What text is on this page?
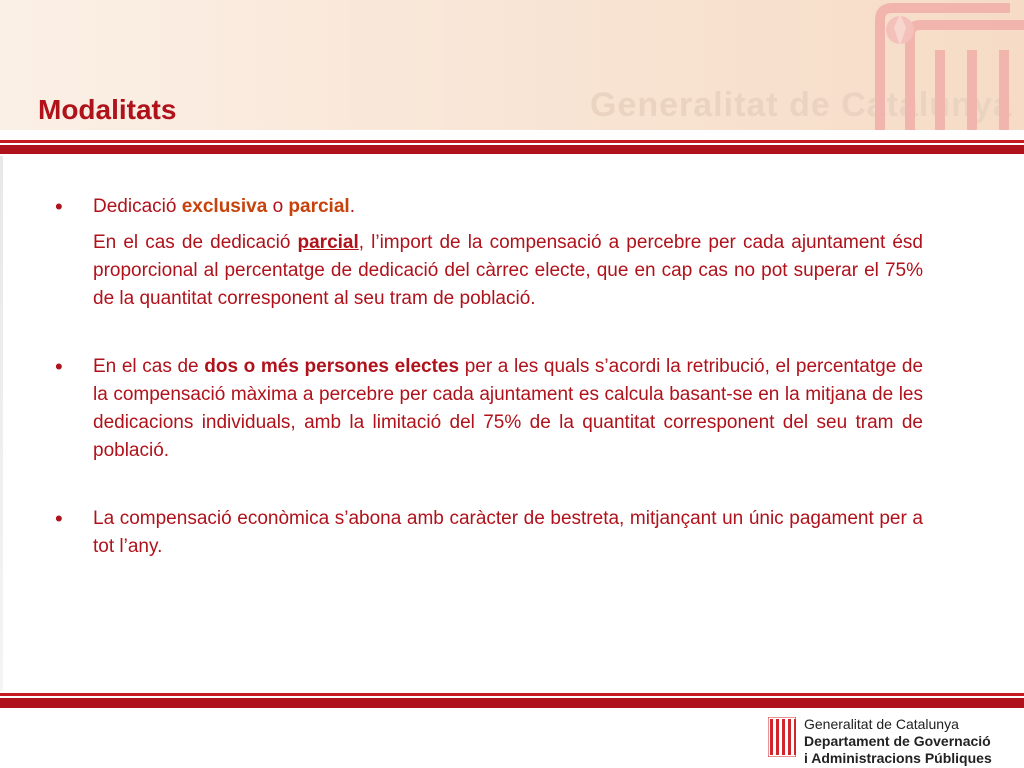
Generalitat de Catalunya
Modalitats
• Dedicació exclusiva o parcial.
En el cas de dedicació parcial, l’import de la compensació a percebre per cada ajuntament ésd proporcional al percentatge de dedicació del càrrec electe, que en cap cas no pot superar el 75% de la quantitat corresponent al seu tram de població.
• En el cas de dos o més persones electes per a les quals s’acordi la retribució, el percentatge de la compensació màxima a percebre per cada ajuntament es calcula basant-se en la mitjana de les dedicacions individuals, amb la limitació del 75% de la quantitat corresponent del seu tram de població.
• La compensació econòmica s’abona amb caràcter de bestreta, mitjançant un únic pagament per a tot l’any.
Generalitat de Catalunya
Departament de Governació
i Administracions Públiques
